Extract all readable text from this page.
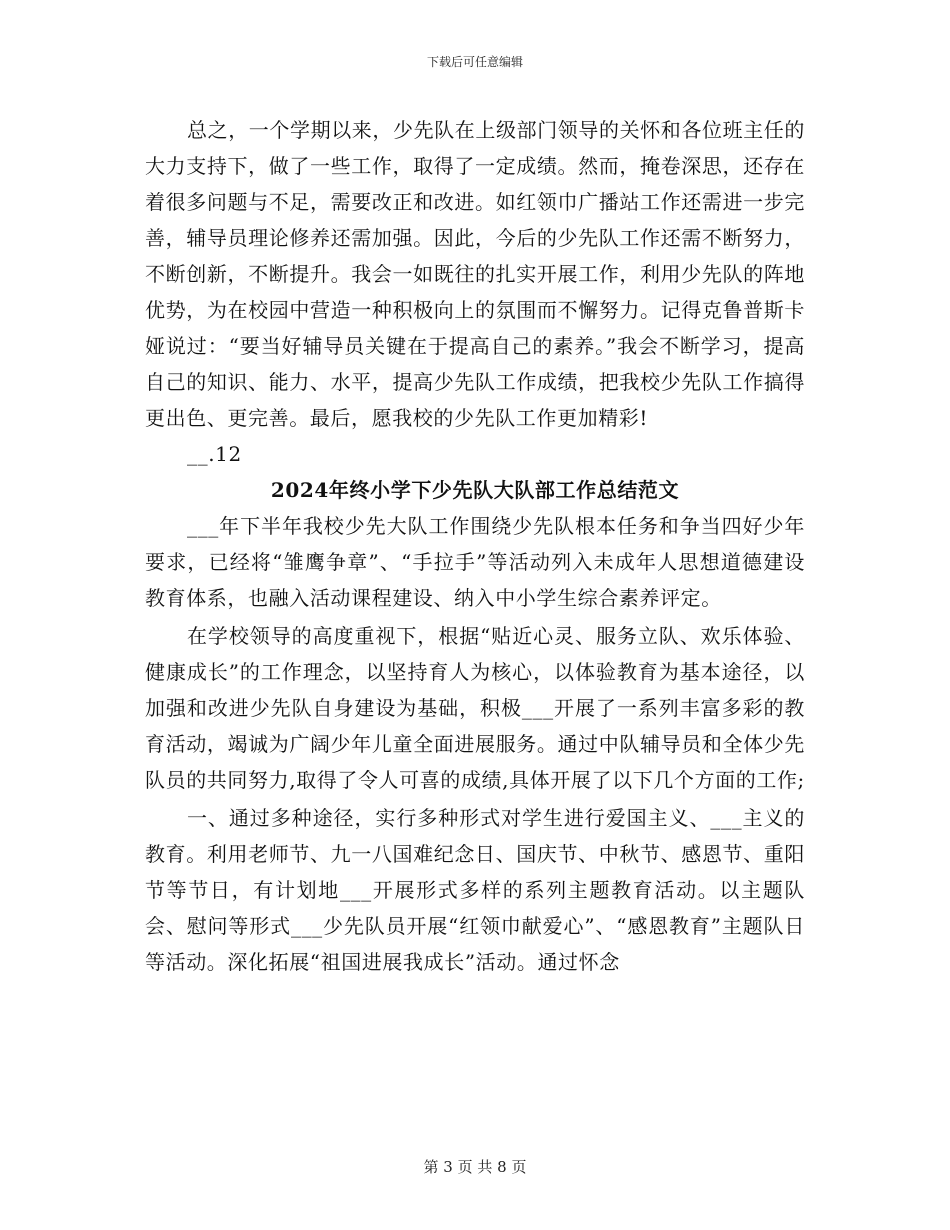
下载后可任意编辑

总之，一个学期以来，少先队在上级部门领导的关怀和各位班主任的大力支持下，做了一些工作，取得了一定成绩。然而，掩卷深思，还存在着很多问题与不足，需要改正和改进。如红领巾广播站工作还需进一步完善，辅导员理论修养还需加强。因此，今后的少先队工作还需不断努力，不断创新，不断提升。我会一如既往的扎实开展工作，利用少先队的阵地优势，为在校园中营造一种积极向上的氛围而不懈努力。记得克鲁普斯卡娅说过：“要当好辅导员关键在于提高自己的素养。”我会不断学习，提高自己的知识、能力、水平，提高少先队工作成绩，把我校少先队工作搞得更出色、更完善。最后，愿我校的少先队工作更加精彩!

__.12

2024年终小学下少先队大队部工作总结范文

___年下半年我校少先大队工作围绕少先队根本任务和争当四好少年要求，已经将“雏鹰争章”、“手拉手”等活动列入未成年人思想道德建设教育体系，也融入活动课程建设、纳入中小学生综合素养评定。

在学校领导的高度重视下，根据“贴近心灵、服务立队、欢乐体验、健康成长”的工作理念，以坚持育人为核心，以体验教育为基本途径，以加强和改进少先队自身建设为基础，积极___开展了一系列丰富多彩的教育活动，竭诚为广阔少年儿童全面进展服务。通过中队辅导员和全体少先队员的共同努力,取得了令人可喜的成绩,具体开展了以下几个方面的工作;

一、通过多种途径，实行多种形式对学生进行爱国主义、___主义的教育。利用老师节、九一八国难纪念日、国庆节、中秋节、感恩节、重阳节等节日，有计划地___开展形式多样的系列主题教育活动。以主题队会、慰问等形式___少先队员开展“红领巾献爱心”、“感恩教育”主题队日等活动。深化拓展“祖国进展我成长”活动。通过怀念

第 3 页 共 8 页
